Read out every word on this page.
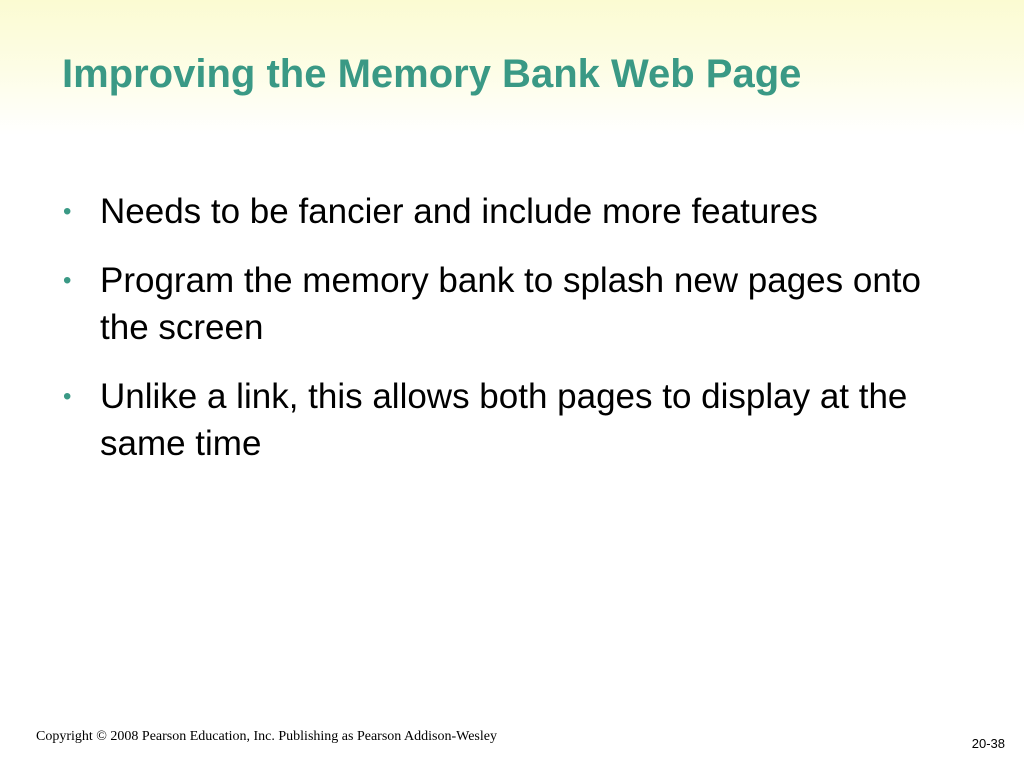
Improving the Memory Bank Web Page
• Needs to be fancier and include more features
• Program the memory bank to splash new pages onto the screen
• Unlike a link, this allows both pages to display at the same time
Copyright © 2008 Pearson Education, Inc. Publishing as Pearson Addison-Wesley	20-38
